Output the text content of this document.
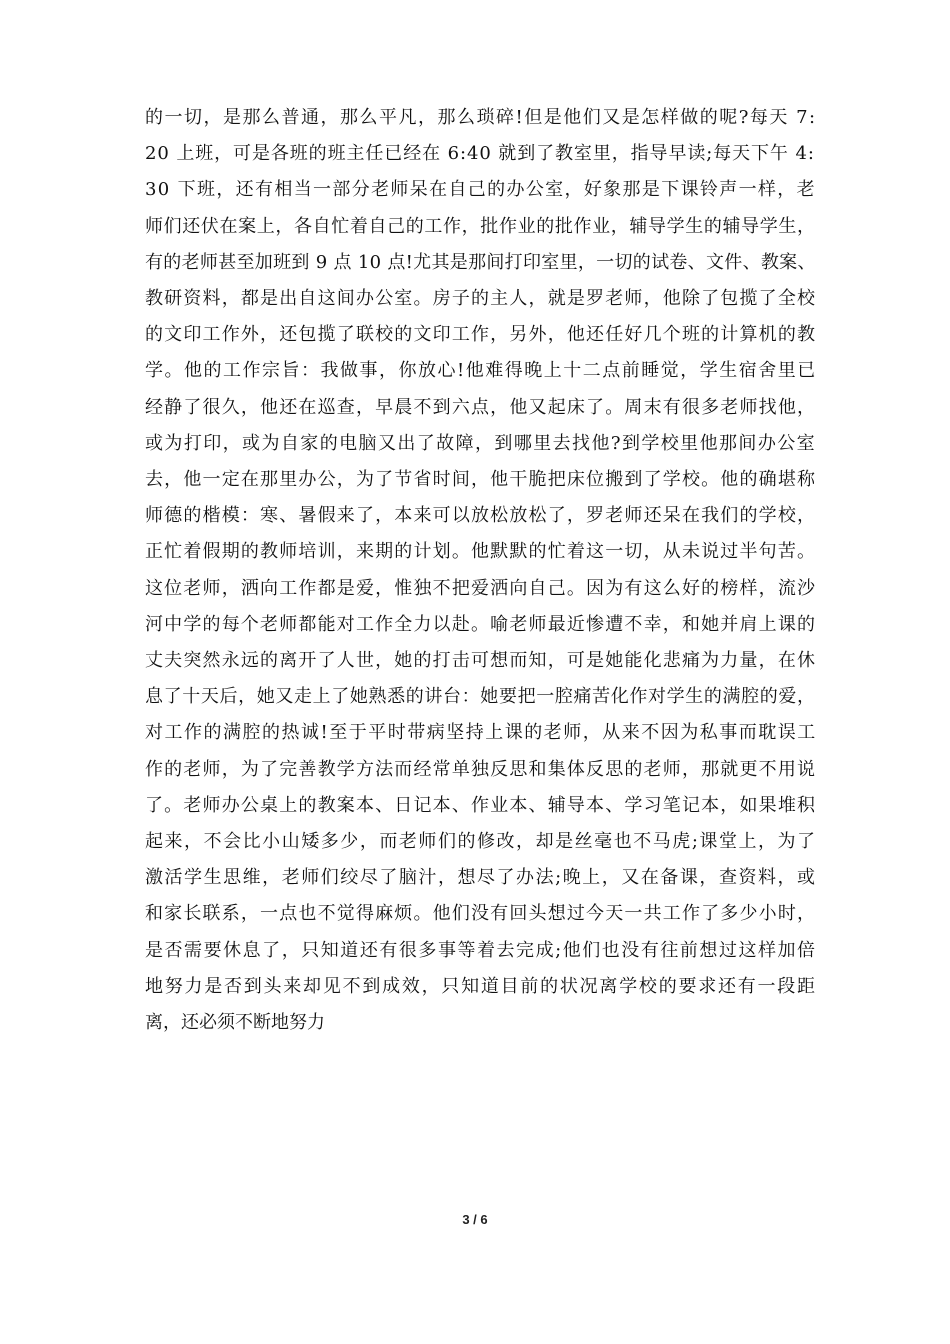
的一切，是那么普通，那么平凡，那么琐碎!但是他们又是怎样做的呢?每天 7:
20 上班，可是各班的班主任已经在 6:40 就到了教室里，指导早读;每天下午 4:
30 下班，还有相当一部分老师呆在自己的办公室，好象那是下课铃声一样，老
师们还伏在案上，各自忙着自己的工作，批作业的批作业，辅导学生的辅导学生，
有的老师甚至加班到 9 点 10 点!尤其是那间打印室里，一切的试卷、文件、教案、
教研资料，都是出自这间办公室。房子的主人，就是罗老师，他除了包揽了全校
的文印工作外，还包揽了联校的文印工作，另外，他还任好几个班的计算机的教
学。他的工作宗旨：我做事，你放心!他难得晚上十二点前睡觉，学生宿舍里已
经静了很久，他还在巡查，早晨不到六点，他又起床了。周末有很多老师找他，
或为打印，或为自家的电脑又出了故障，到哪里去找他?到学校里他那间办公室
去，他一定在那里办公，为了节省时间，他干脆把床位搬到了学校。他的确堪称
师德的楷模：寒、暑假来了，本来可以放松放松了，罗老师还呆在我们的学校，
正忙着假期的教师培训，来期的计划。他默默的忙着这一切，从未说过半句苦。
这位老师，洒向工作都是爱，惟独不把爱洒向自己。因为有这么好的榜样，流沙
河中学的每个老师都能对工作全力以赴。喻老师最近惨遭不幸，和她并肩上课的
丈夫突然永远的离开了人世，她的打击可想而知，可是她能化悲痛为力量，在休
息了十天后，她又走上了她熟悉的讲台：她要把一腔痛苦化作对学生的满腔的爱，
对工作的满腔的热诚!至于平时带病坚持上课的老师，从来不因为私事而耽误工
作的老师，为了完善教学方法而经常单独反思和集体反思的老师，那就更不用说
了。老师办公桌上的教案本、日记本、作业本、辅导本、学习笔记本，如果堆积
起来，不会比小山矮多少，而老师们的修改，却是丝毫也不马虎;课堂上，为了
激活学生思维，老师们绞尽了脑汁，想尽了办法;晚上，又在备课，查资料，或
和家长联系，一点也不觉得麻烦。他们没有回头想过今天一共工作了多少小时，
是否需要休息了，只知道还有很多事等着去完成;他们也没有往前想过这样加倍
地努力是否到头来却见不到成效，只知道目前的状况离学校的要求还有一段距
离，还必须不断地努力
3 / 6
